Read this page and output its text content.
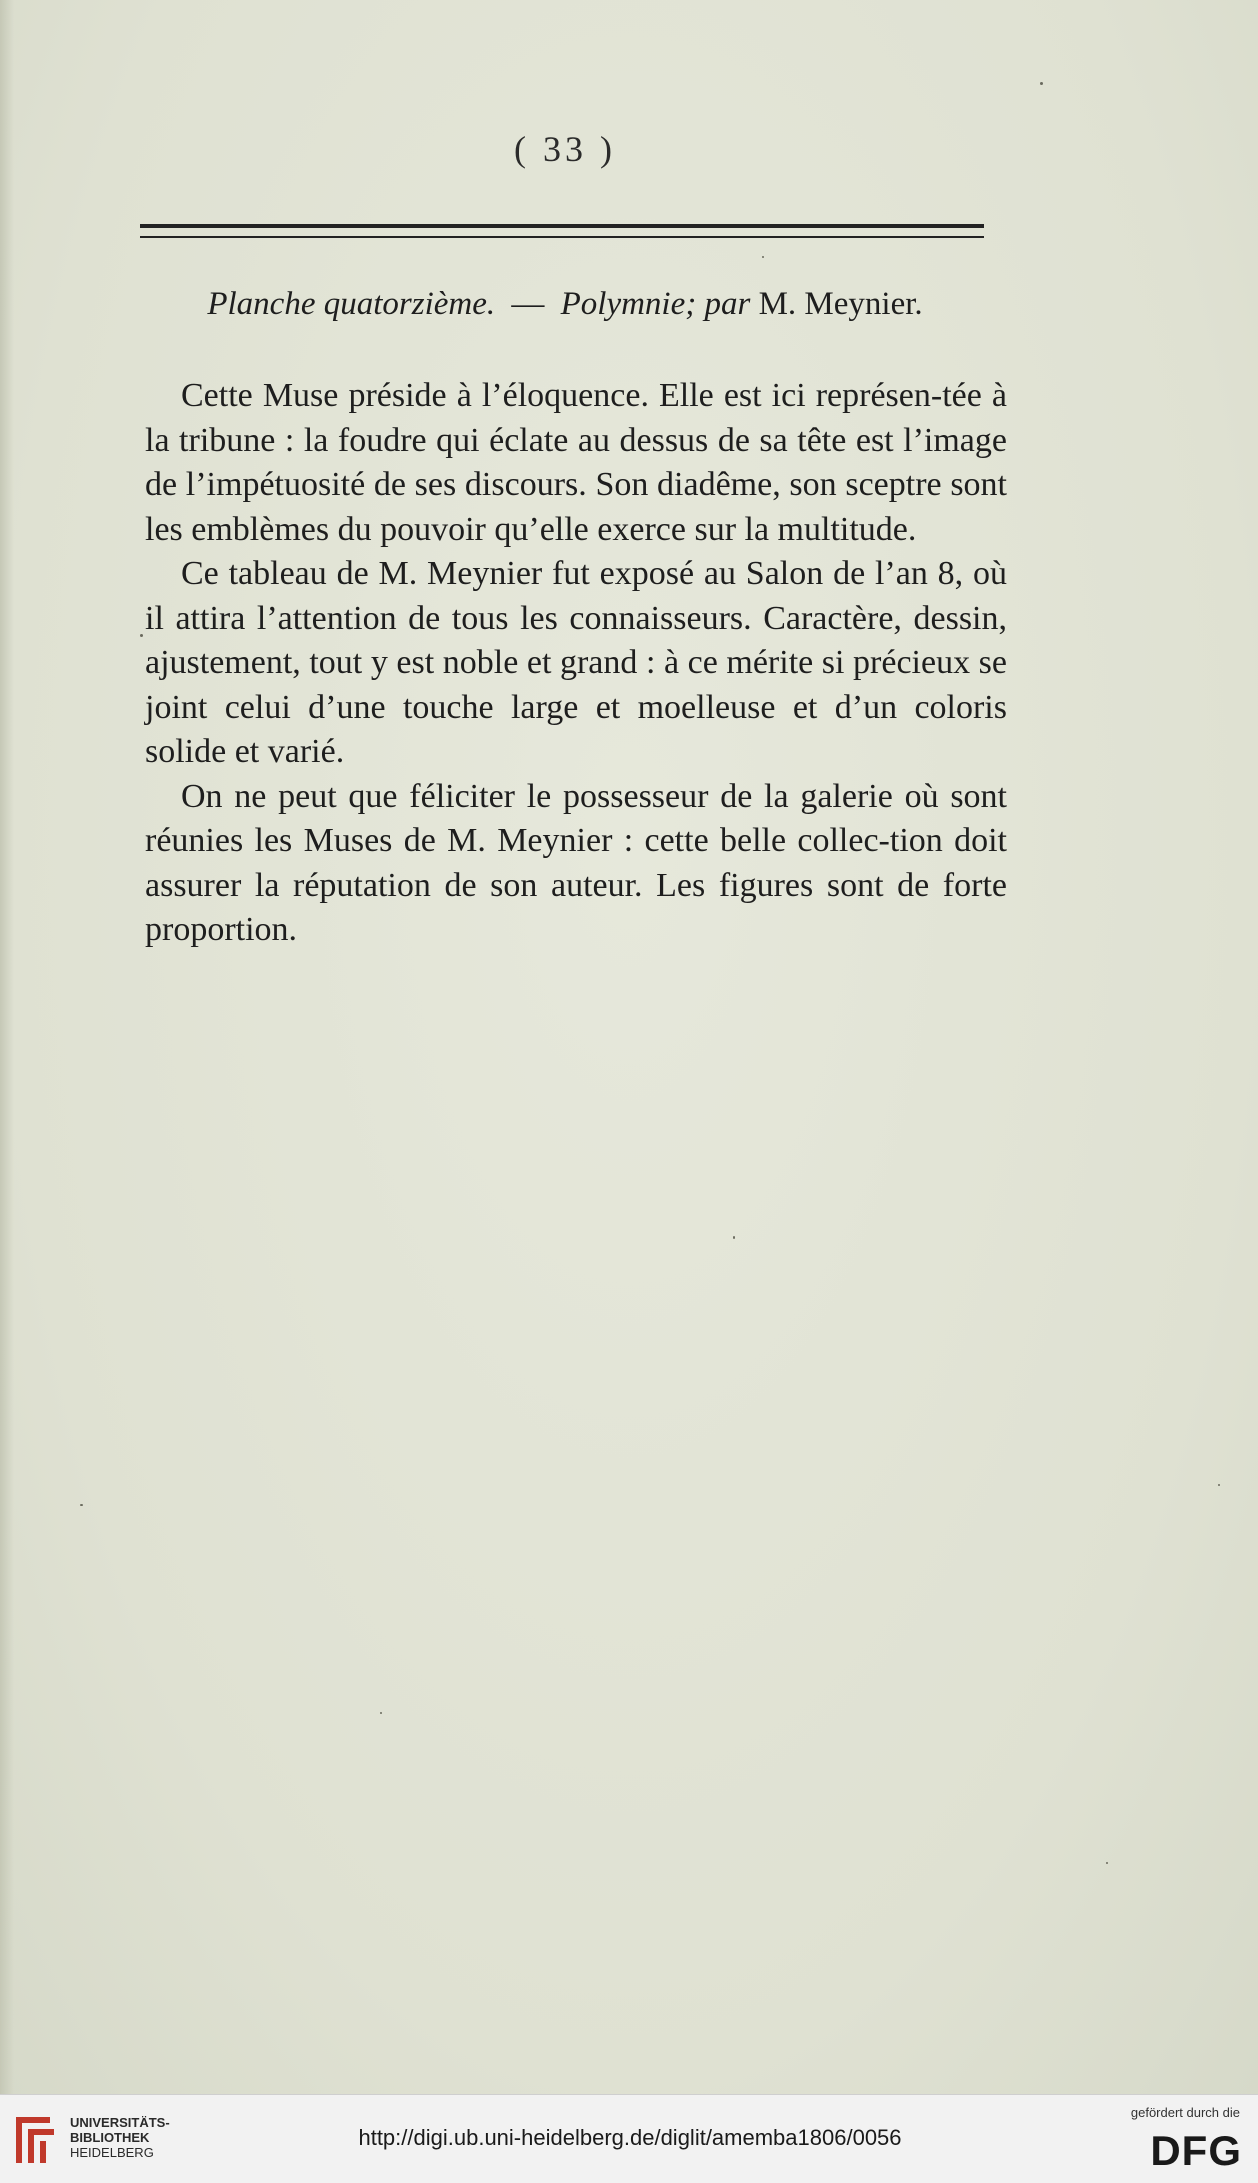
( 33 )
Planche quatorzième. — Polymnie; par M. Meynier.

Cette Muse préside à l’éloquence. Elle est ici représen-tée à la tribune : la foudre qui éclate au dessus de sa tête est l’image de l’impétuosité de ses discours. Son diadême, son sceptre sont les emblèmes du pouvoir qu’elle exerce sur la multitude.

Ce tableau de M. Meynier fut exposé au Salon de l’an 8, où il attira l’attention de tous les connaisseurs. Caractère, dessin, ajustement, tout y est noble et grand : à ce mérite si précieux se joint celui d’une touche large et moelleuse et d’un coloris solide et varié.

On ne peut que féliciter le possesseur de la galerie où sont réunies les Muses de M. Meynier : cette belle collec-tion doit assurer la réputation de son auteur. Les figures sont de forte proportion.

UNIVERSITÄTS-
BIBLIOTHEK
HEIDELBERG
http://digi.ub.uni-heidelberg.de/diglit/amemba1806/0056
gefördert durch die
DFG
